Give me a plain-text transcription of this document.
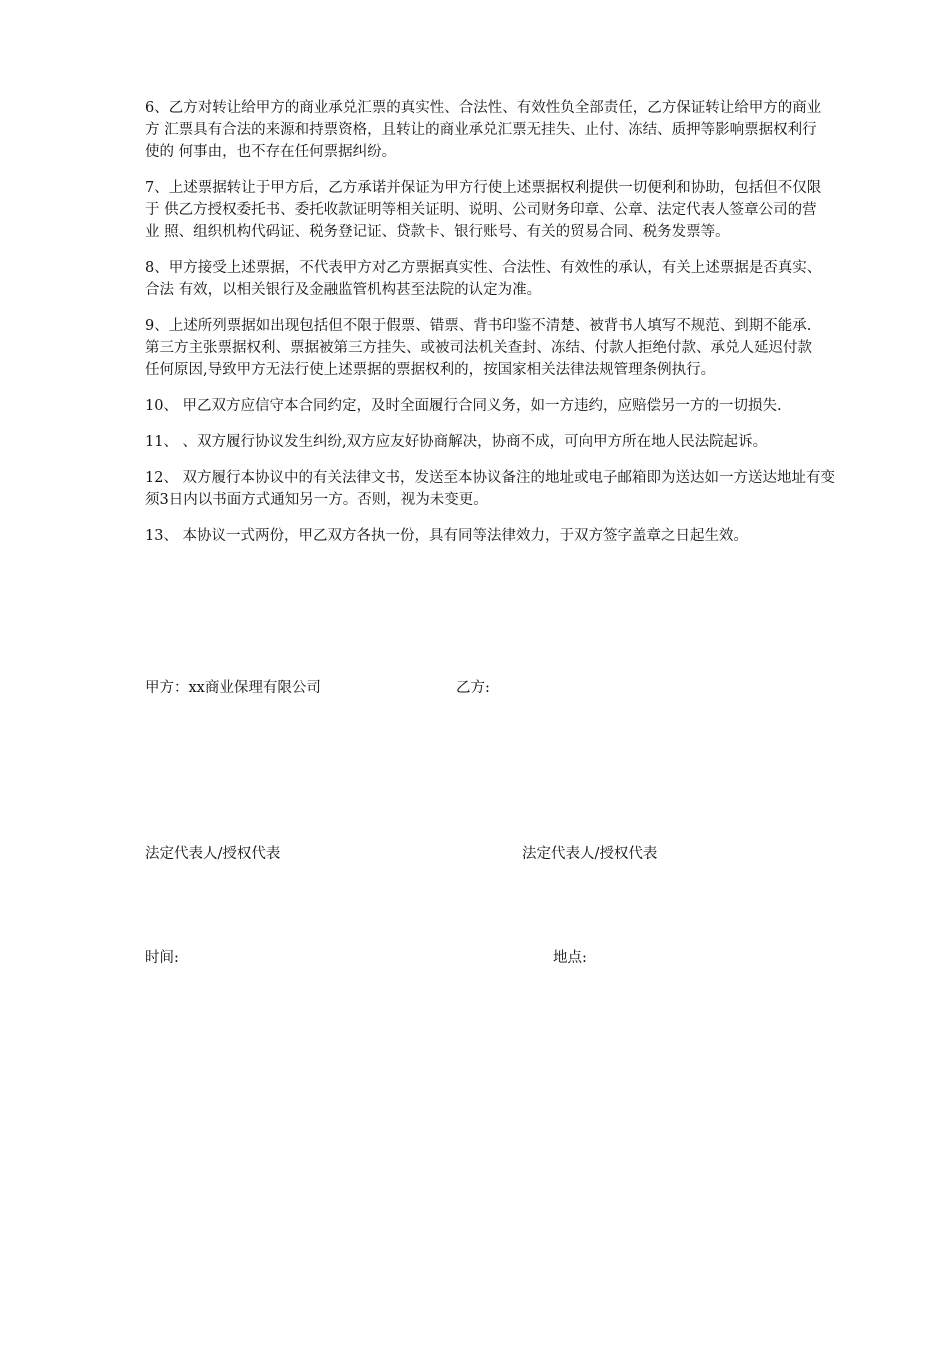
6、乙方对转让给甲方的商业承兑汇票的真实性、合法性、有效性负全部责任，乙方保证转让给甲方的商业
方 汇票具有合法的来源和持票资格，且转让的商业承兑汇票无挂失、止付、冻结、质押等影响票据权利行
使的 何事由，也不存在任何票据纠纷。
7、上述票据转让于甲方后，乙方承诺并保证为甲方行使上述票据权利提供一切便利和协助，包括但不仅限
于 供乙方授权委托书、委托收款证明等相关证明、说明、公司财务印章、公章、法定代表人签章公司的营
业 照、组织机构代码证、税务登记证、贷款卡、银行账号、有关的贸易合同、税务发票等。
8、甲方接受上述票据，不代表甲方对乙方票据真实性、合法性、有效性的承认，有关上述票据是否真实、
合法 有效，以相关银行及金融监管机构甚至法院的认定为准。
9、上述所列票据如出现包括但不限于假票、错票、背书印鉴不清楚、被背书人填写不规范、到期不能承.
第三方主张票据权利、票据被第三方挂失、或被司法机关查封、冻结、付款人拒绝付款、承兑人延迟付款
任何原因,导致甲方无法行使上述票据的票据权利的，按国家相关法律法规管理条例执行。
10、 甲乙双方应信守本合同约定，及时全面履行合同义务，如一方违约，应赔偿另一方的一切损失.
11、 、双方履行协议发生纠纷,双方应友好协商解决，协商不成，可向甲方所在地人民法院起诉。
12、 双方履行本协议中的有关法律文书，发送至本协议备注的地址或电子邮箱即为送达如一方送达地址有变
须3日内以书面方式通知另一方。否则，视为未变更。
13、 本协议一式两份，甲乙双方各执一份，具有同等法律效力，于双方签字盖章之日起生效。
甲方：xx商业保理有限公司	乙方:
法定代表人/授权代表	法定代表人/授权代表
时间:	地点:
